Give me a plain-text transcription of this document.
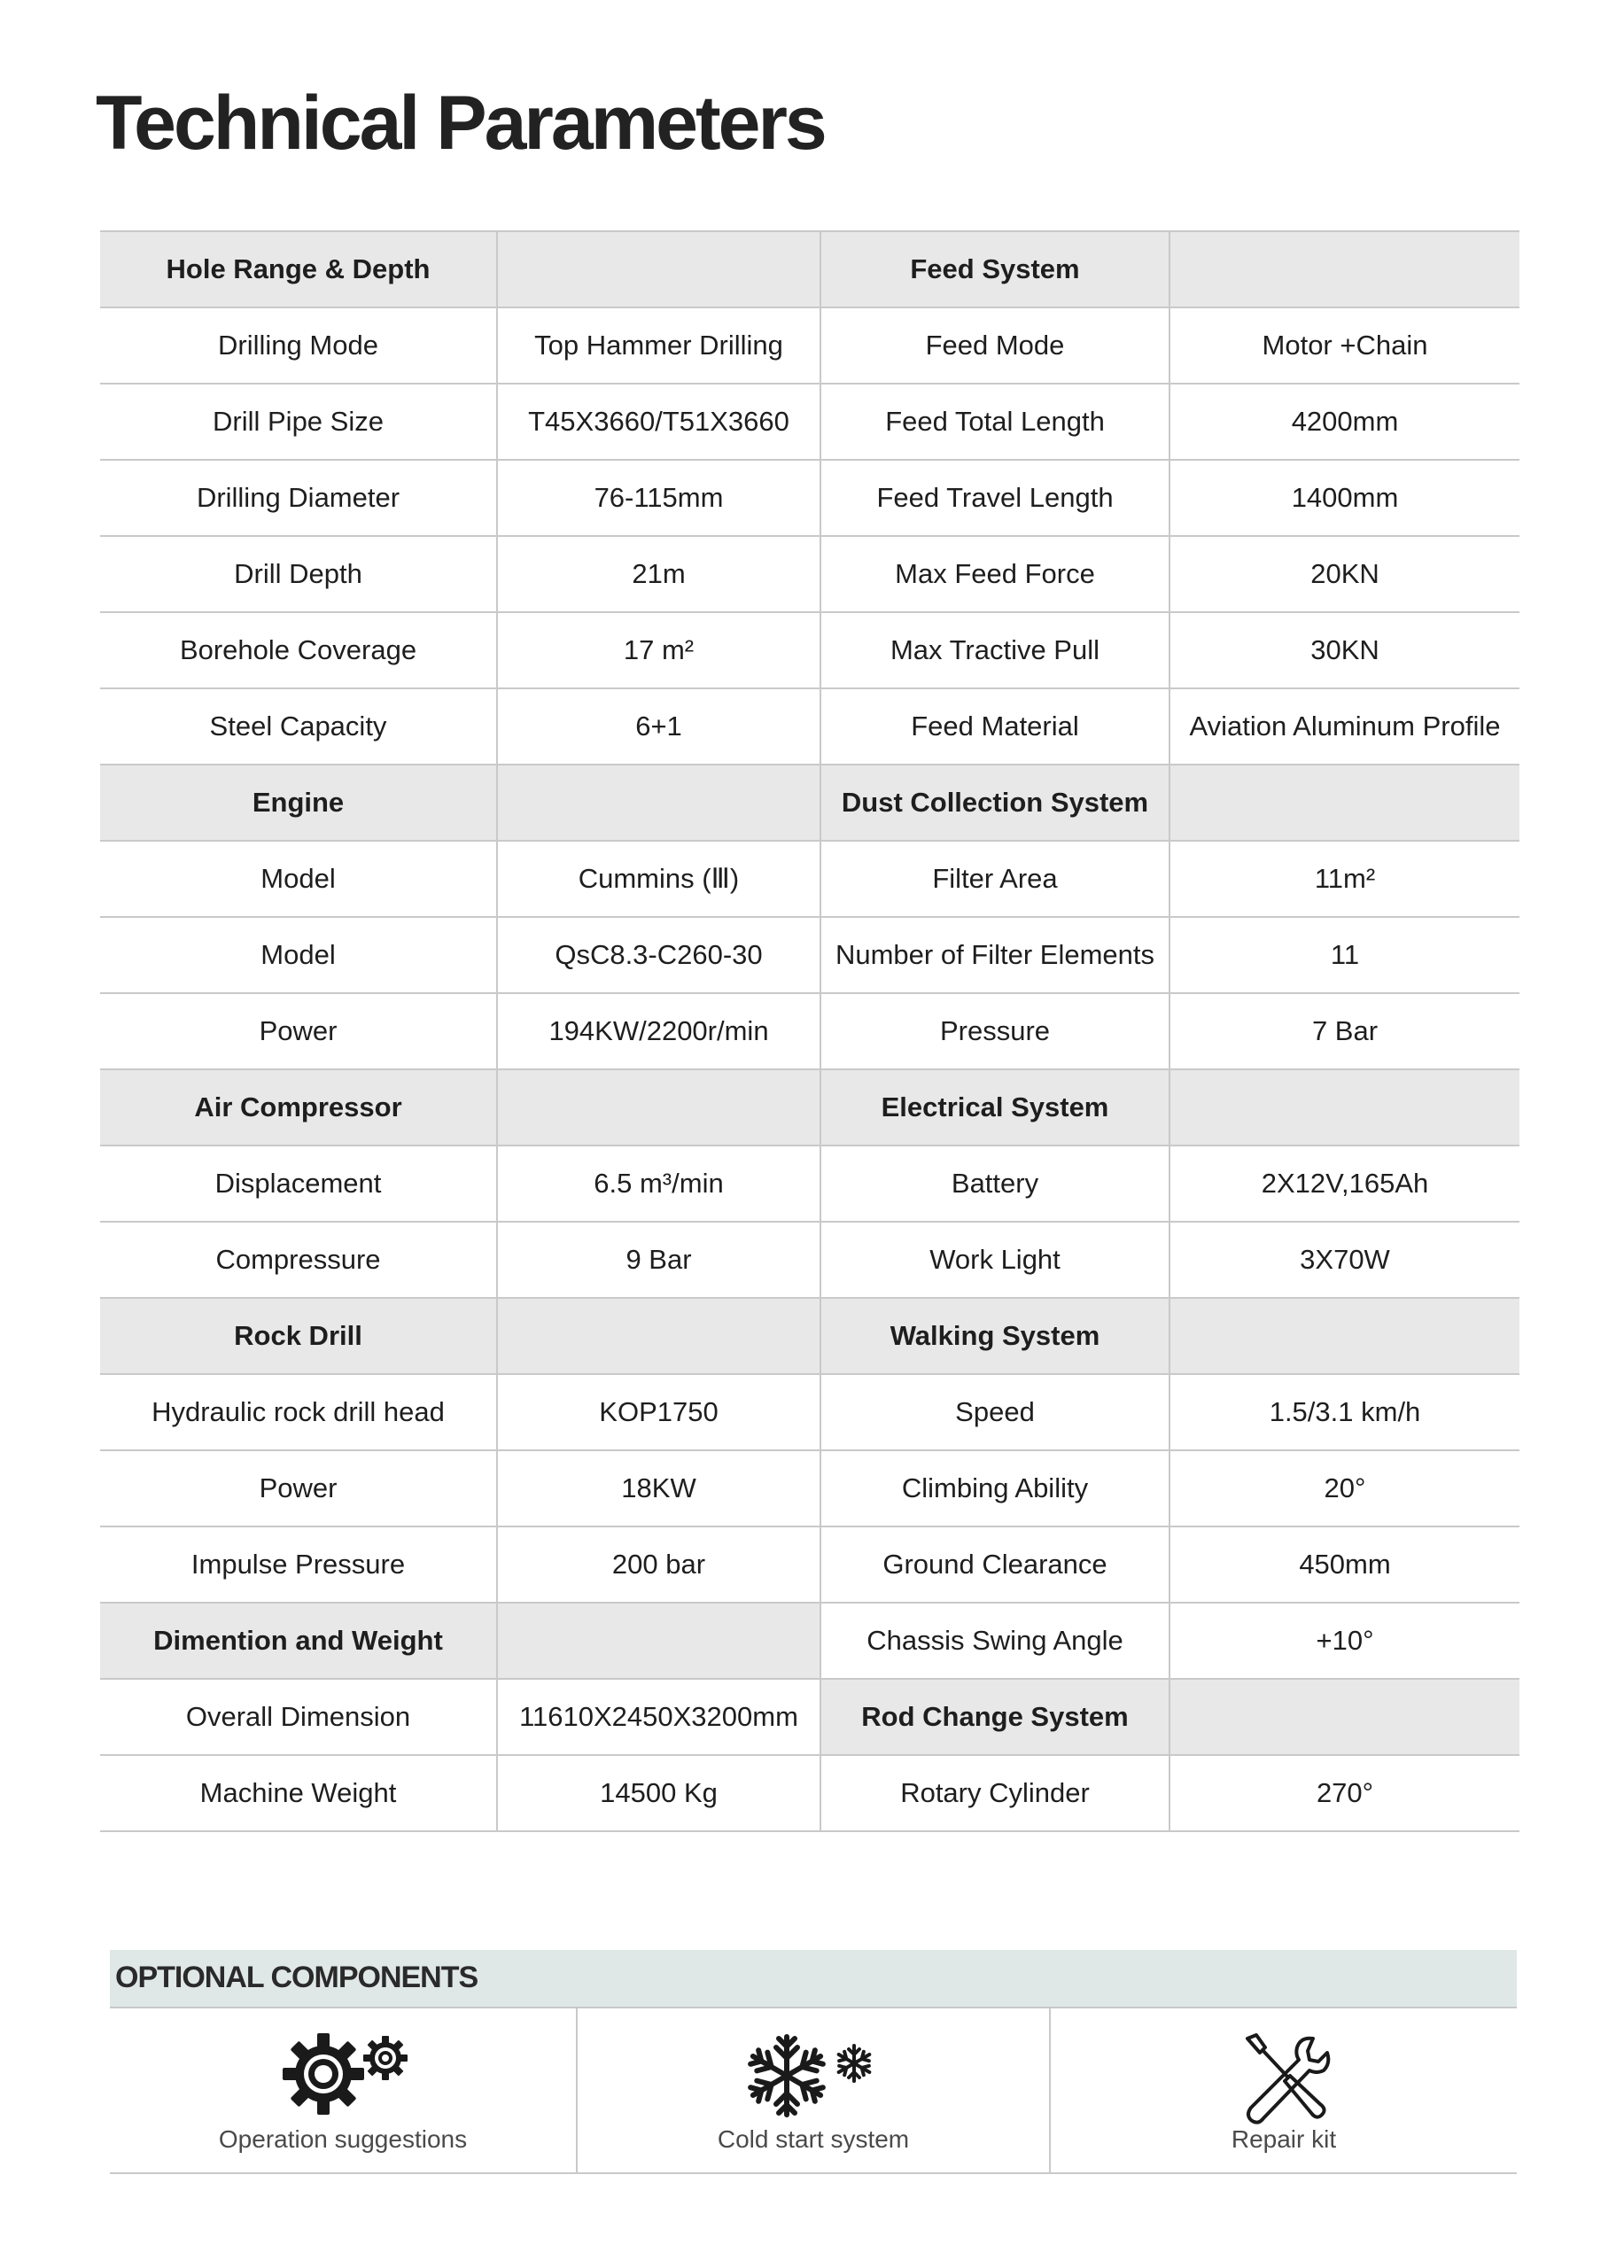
Technical Parameters
Hole Range & Depth		Feed System	
Drilling Mode	Top Hammer Drilling	Feed Mode	Motor +Chain
Drill Pipe Size	T45X3660/T51X3660	Feed Total Length	4200mm
Drilling Diameter	76-115mm	Feed Travel Length	1400mm
Drill Depth	21m	Max Feed Force	20KN
Borehole Coverage	17 m²	Max Tractive Pull	30KN
Steel Capacity	6+1	Feed Material	Aviation Aluminum Profile
Engine		Dust Collection System	
Model	Cummins (Ⅲ)	Filter Area	11m²
Model	QsC8.3-C260-30	Number of Filter Elements	11
Power	194KW/2200r/min	Pressure	7 Bar
Air Compressor		Electrical System	
Displacement	6.5 m³/min	Battery	2X12V,165Ah
Compressure	9 Bar	Work Light	3X70W
Rock Drill		Walking System	
Hydraulic rock drill head	KOP1750	Speed	1.5/3.1 km/h
Power	18KW	Climbing Ability	20°
Impulse Pressure	200 bar	Ground Clearance	450mm
Dimention and Weight		Chassis Swing Angle	+10°
Overall Dimension	11610X2450X3200mm	Rod Change System	
Machine Weight	14500 Kg	Rotary Cylinder	270°
OPTIONAL COMPONENTS
Operation suggestions	Cold start system	Repair kit
